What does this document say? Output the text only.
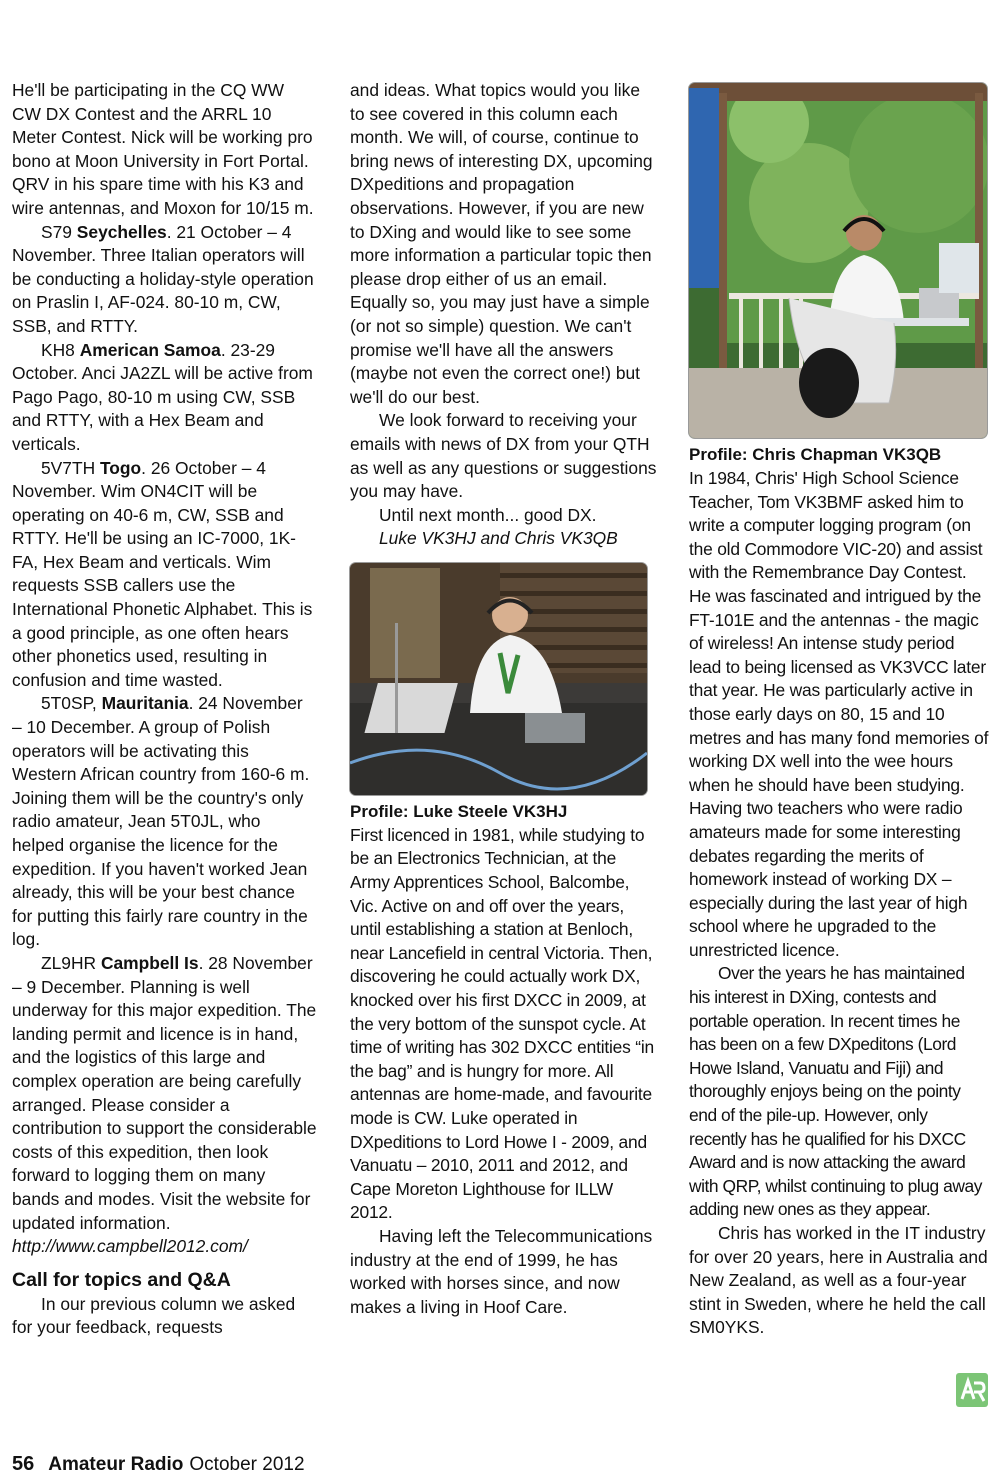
He'll be participating in the CQ WW CW DX Contest and the ARRL 10 Meter Contest. Nick will be working pro bono at Moon University in Fort Portal. QRV in his spare time with his K3 and wire antennas, and Moxon for 10/15 m.

S79 Seychelles. 21 October – 4 November. Three Italian operators will be conducting a holiday-style operation on Praslin I, AF-024. 80-10 m, CW, SSB, and RTTY.

KH8 American Samoa. 23-29 October. Anci JA2ZL will be active from Pago Pago, 80-10 m using CW, SSB and RTTY, with a Hex Beam and verticals.

5V7TH Togo. 26 October – 4 November. Wim ON4CIT will be operating on 40-6 m, CW, SSB and RTTY. He'll be using an IC-7000, 1K-FA, Hex Beam and verticals. Wim requests SSB callers use the International Phonetic Alphabet. This is a good principle, as one often hears other phonetics used, resulting in confusion and time wasted.

5T0SP, Mauritania. 24 November – 10 December. A group of Polish operators will be activating this Western African country from 160-6 m. Joining them will be the country's only radio amateur, Jean 5T0JL, who helped organise the licence for the expedition. If you haven't worked Jean already, this will be your best chance for putting this fairly rare country in the log.

ZL9HR Campbell Is. 28 November – 9 December. Planning is well underway for this major expedition. The landing permit and licence is in hand, and the logistics of this large and complex operation are being carefully arranged. Please consider a contribution to support the considerable costs of this expedition, then look forward to logging them on many bands and modes. Visit the website for updated information. http://www.campbell2012.com/

Call for topics and Q&A

In our previous column we asked for your feedback, requests

and ideas. What topics would you like to see covered in this column each month. We will, of course, continue to bring news of interesting DX, upcoming DXpeditions and propagation observations. However, if you are new to DXing and would like to see some more information a particular topic then please drop either of us an email. Equally so, you may just have a simple (or not so simple) question. We can't promise we'll have all the answers (maybe not even the correct one!) but we'll do our best.

We look forward to receiving your emails with news of DX from your QTH as well as any questions or suggestions you may have.

Until next month... good DX.

Luke VK3HJ and Chris VK3QB

Profile: Luke Steele VK3HJ

First licenced in 1981, while studying to be an Electronics Technician, at the Army Apprentices School, Balcombe, Vic. Active on and off over the years, until establishing a station at Benloch, near Lancefield in central Victoria. Then, discovering he could actually work DX, knocked over his first DXCC in 2009, at the very bottom of the sunspot cycle. At time of writing has 302 DXCC entities “in the bag” and is hungry for more. All antennas are home-made, and favourite mode is CW. Luke operated in DXpeditions to Lord Howe I - 2009, and Vanuatu – 2010, 2011 and 2012, and Cape Moreton Lighthouse for ILLW 2012.

Having left the Telecommunications industry at the end of 1999, he has worked with horses since, and now makes a living in Hoof Care.

Profile: Chris Chapman VK3QB

In 1984, Chris' High School Science Teacher, Tom VK3BMF asked him to write a computer logging program (on the old Commodore VIC-20) and assist with the Remembrance Day Contest. He was fascinated and intrigued by the FT-101E and the antennas - the magic of wireless! An intense study period lead to being licensed as VK3VCC later that year. He was particularly active in those early days on 80, 15 and 10 metres and has many fond memories of working DX well into the wee hours when he should have been studying. Having two teachers who were radio amateurs made for some interesting debates regarding the merits of homework instead of working DX – especially during the last year of high school where he upgraded to the unrestricted licence.

Over the years he has maintained his interest in DXing, contests and portable operation. In recent times he has been on a few DXpeditons (Lord Howe Island, Vanuatu and Fiji) and thoroughly enjoys being on the pointy end of the pile-up. However, only recently has he qualified for his DXCC Award and is now attacking the award with QRP, whilst continuing to plug away adding new ones as they appear.

Chris has worked in the IT industry for over 20 years, here in Australia and New Zealand, as well as a four-year stint in Sweden, where he held the call SM0YKS.

56 Amateur Radio October 2012
